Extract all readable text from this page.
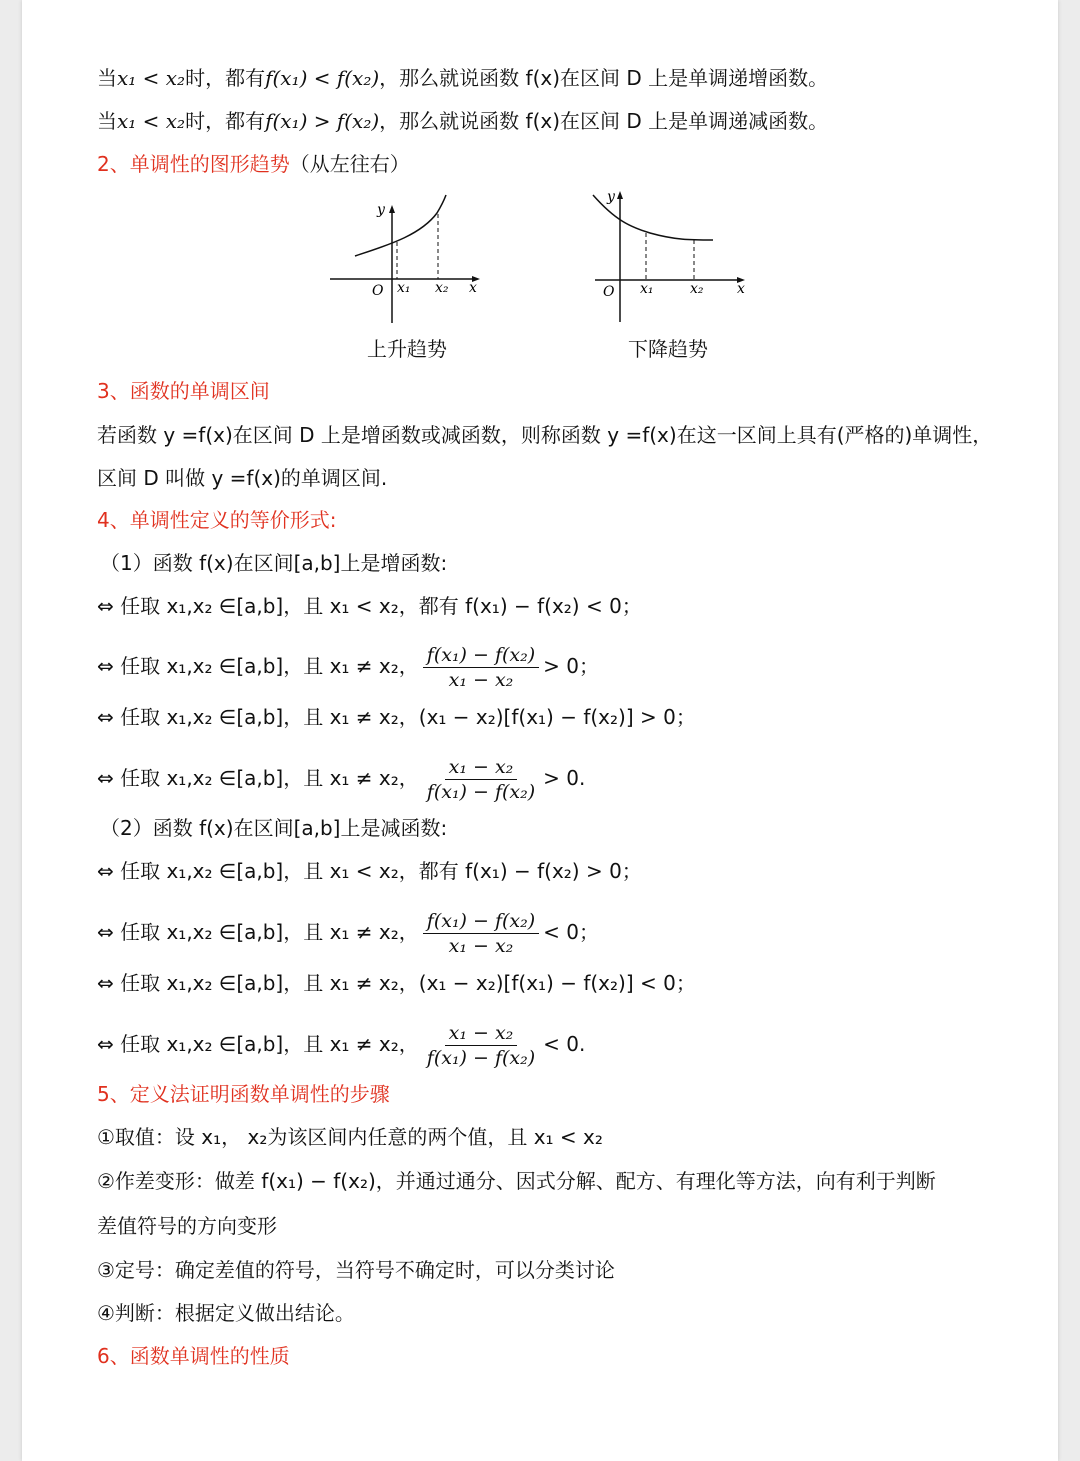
当x₁ < x₂时，都有f(x₁) < f(x₂)，那么就说函数 f(x)在区间 D 上是单调递增函数。
当x₁ < x₂时，都有f(x₁) > f(x₂)，那么就说函数 f(x)在区间 D 上是单调递减函数。
2、单调性的图形趋势（从左往右）
O x₁ x₂ x
y
O x₁	x₂ x
y
上升趋势	下降趋势
3、函数的单调区间
若函数 y =f(x)在区间 D 上是增函数或减函数，则称函数 y =f(x)在这一区间上具有(严格的)单调性，
区间 D 叫做 y =f(x)的单调区间.
4、单调性定义的等价形式:
（1）函数 f(x)在区间[a,b]上是增函数:
⇔ 任取 x₁,x₂ ∈[a,b]，且 x₁ < x₂，都有 f(x₁) − f(x₂) < 0；
⇔ 任取 x₁,x₂ ∈[a,b]，且 x₁ ≠ x₂， $\frac{\text{f(x₁) − f(x₂)}}{\text{x₁ − x₂}} > 0$；
⇔ 任取 x₁,x₂ ∈[a,b]，且 x₁ ≠ x₂，(x₁ − x₂)[f(x₁) − f(x₂)] > 0；
⇔ 任取 x₁,x₂ ∈[a,b]，且 x₁ ≠ x₂， $\frac{\text{x₁ − x₂}}{\text{f(x₁) − f(x₂)}} > 0$.
（2）函数 f(x)在区间[a,b]上是减函数:
⇔ 任取 x₁,x₂ ∈[a,b]，且 x₁ < x₂，都有 f(x₁) − f(x₂) > 0；
⇔ 任取 x₁,x₂ ∈[a,b]，且 x₁ ≠ x₂， $\frac{\text{f(x₁) − f(x₂)}}{\text{x₁ − x₂}} < 0$；
⇔ 任取 x₁,x₂ ∈[a,b]，且 x₁ ≠ x₂，(x₁ − x₂)[f(x₁) − f(x₂)] < 0；
⇔ 任取 x₁,x₂ ∈[a,b]，且 x₁ ≠ x₂， $\frac{\text{x₁ − x₂}}{\text{f(x₁) − f(x₂)}} < 0$.
5、定义法证明函数单调性的步骤
①取值：设 x₁， x₂为该区间内任意的两个值，且 x₁ < x₂
②作差变形：做差 f(x₁) − f(x₂)，并通过通分、因式分解、配方、有理化等方法，向有利于判断
差值符号的方向变形
③定号：确定差值的符号，当符号不确定时，可以分类讨论
④判断：根据定义做出结论。
6、函数单调性的性质
